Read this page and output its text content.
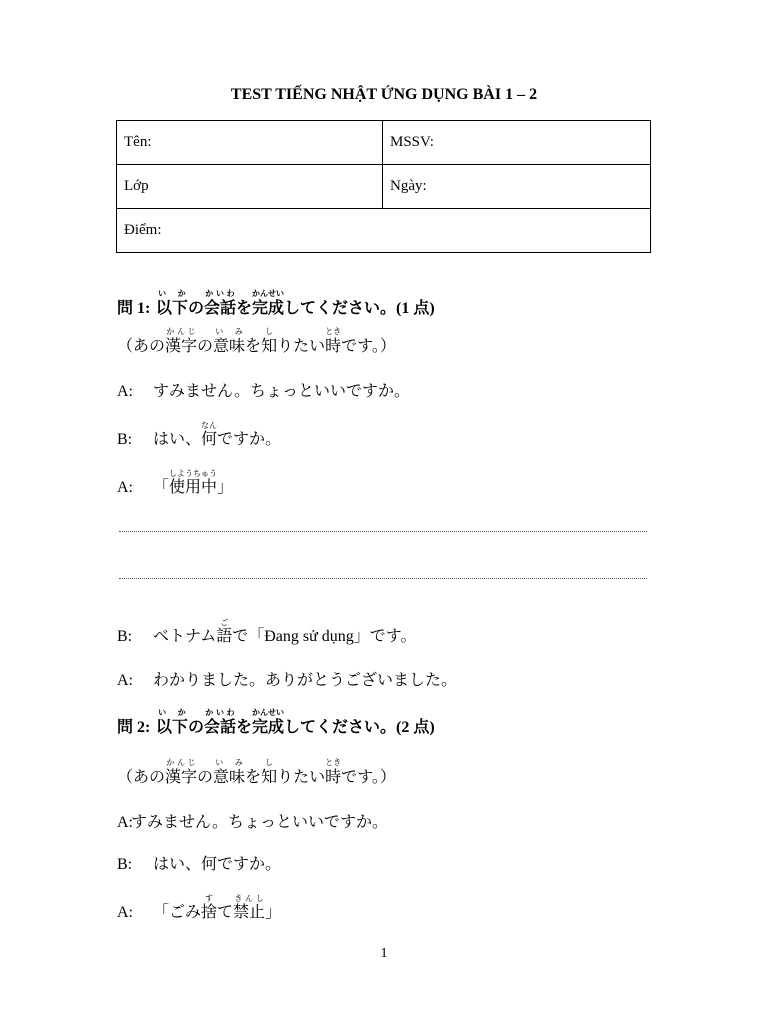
TEST TIẾNG NHẬT ỨNG DỤNG BÀI 1 – 2
Tên:	MSSV:
Lớp	Ngày:
Điểm:	

問 1: 以下い かの会話かいわを完成かんせいしてください。(1 点)

（あの漢字かんじの意味い みを知しりたい時ときです。）

A: すみません。ちょっといいですか。

B: はい、何なんですか。

A: 「使用中しようちゅう」

B: ベトナム語ごで「Đang sử dụng」です。

A: わかりました。ありがとうございました。

問 2: 以下い かの会話かいわを完成かんせいしてください。(2 点)

（あの漢字かんじの意味い みを知しりたい時ときです。）

A:すみません。ちょっといいですか。

B: はい、何ですか。

A: 「ごみ捨すて禁止きんし」

1
